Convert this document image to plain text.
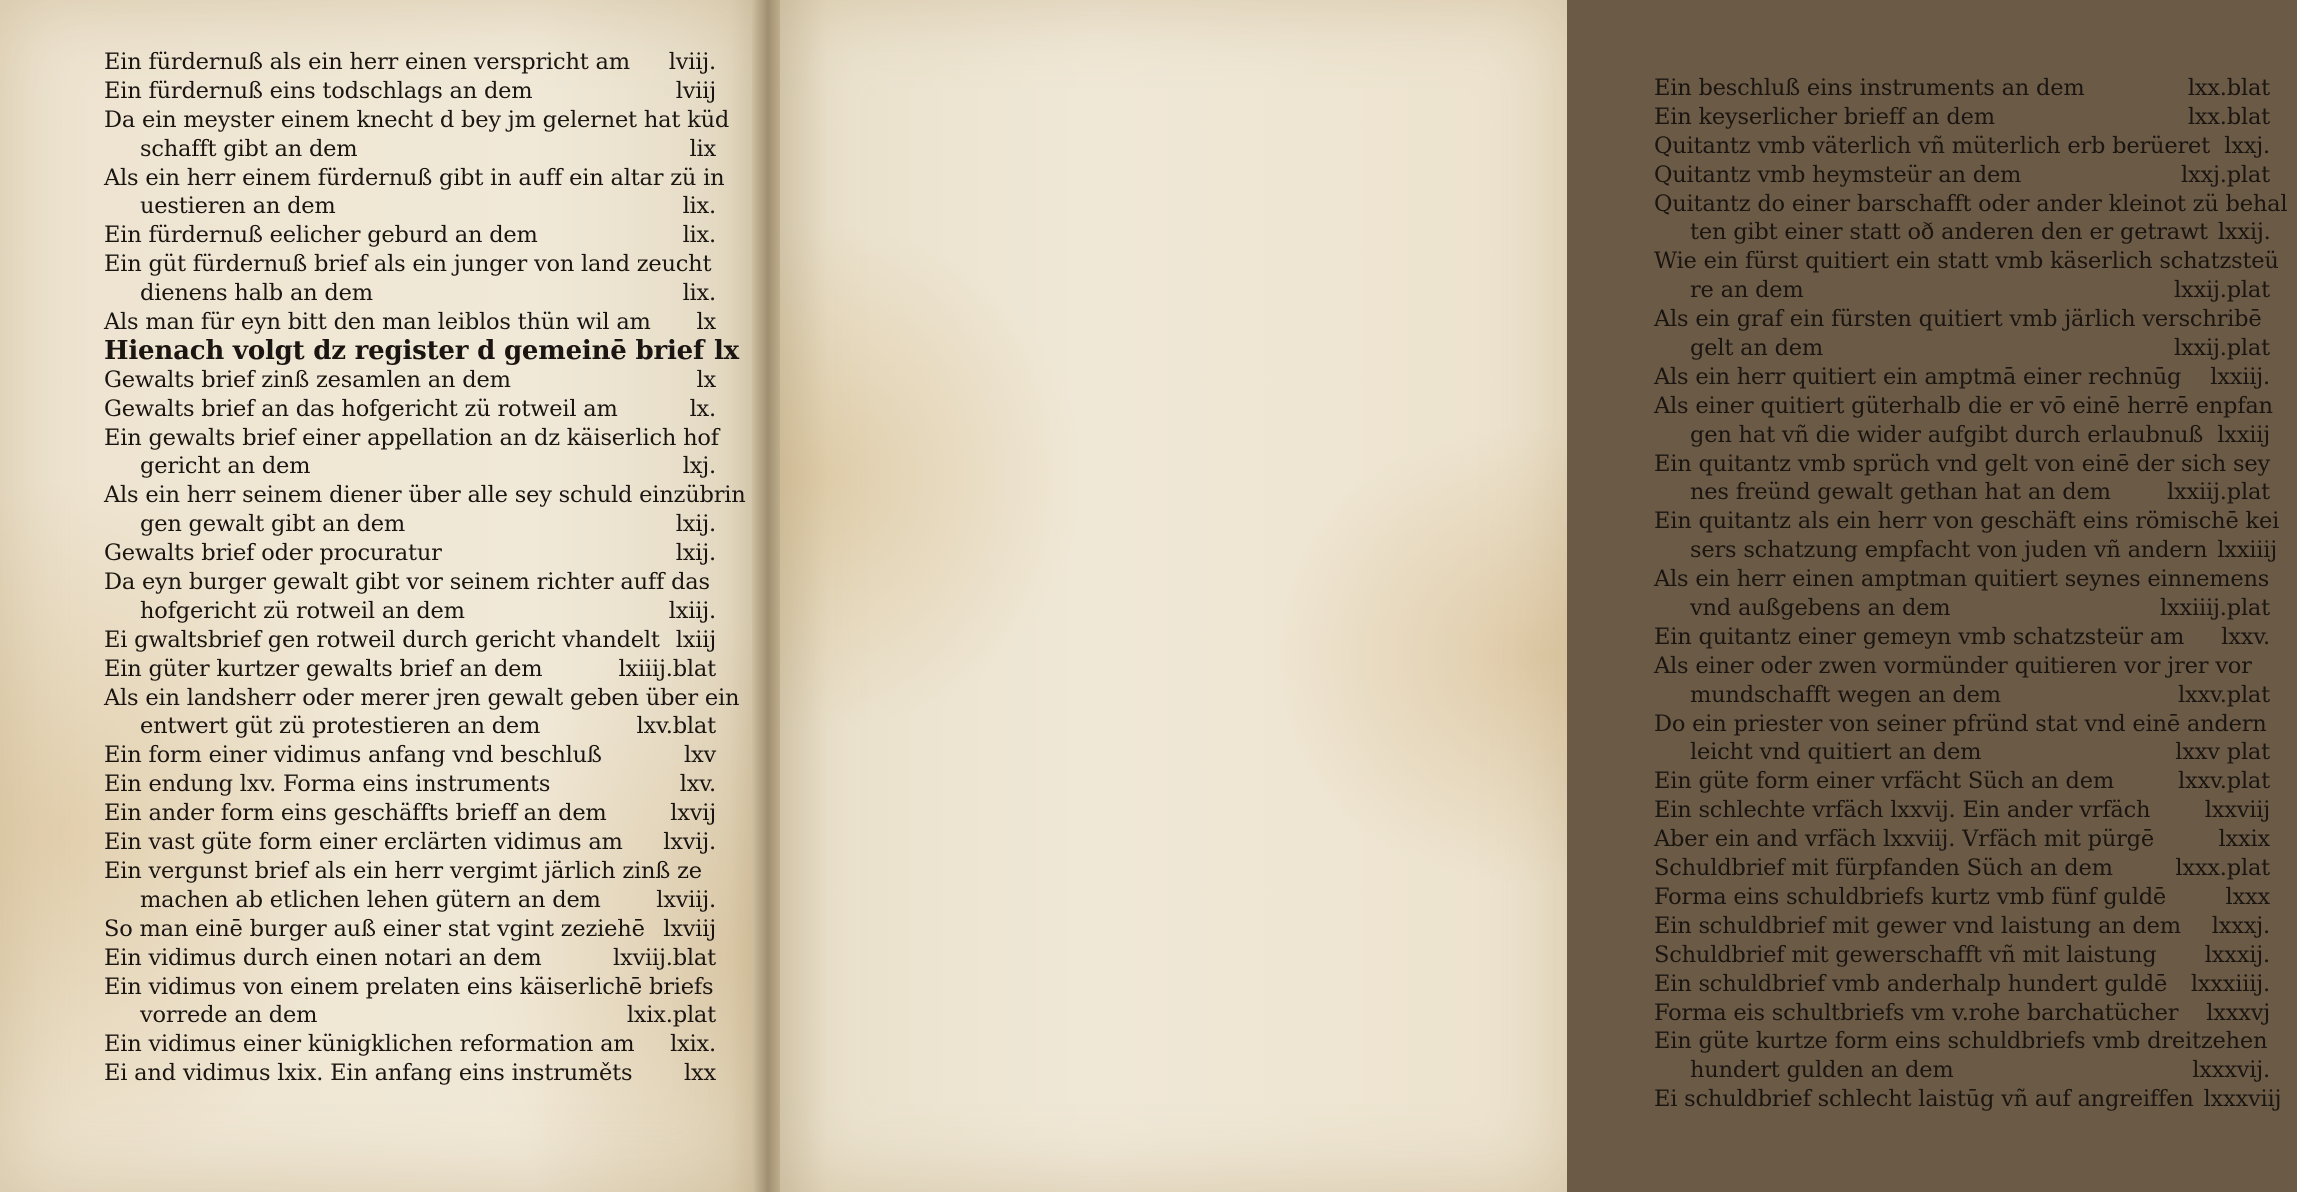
Ein fürdernuß als ein herr einen verspricht am	lviij.
Ein fürdernuß eins todschlags an dem	lviij
Da ein meyster einem knecht d bey jm gelernet hat küd
schafft gibt an dem	lix
Als ein herr einem fürdernuß gibt in auff ein altar zü in
uestieren an dem	lix.
Ein fürdernuß eelicher geburd an dem	lix.
Ein güt fürdernuß brief als ein junger von land zeucht
dienens halb an dem	lix.
Als man für eyn bitt den man leiblos thün wil am	lx
Hienach volgt dz register d gemeinē brief lx
Gewalts brief zinß zesamlen an dem	lx
Gewalts brief an das hofgericht zü rotweil am	lx.
Ein gewalts brief einer appellation an dz käiserlich hof
gericht an dem	lxj.
Als ein herr seinem diener über alle sey schuld einzübrin
gen gewalt gibt an dem	lxij.
Gewalts brief oder procuratur	lxij.
Da eyn burger gewalt gibt vor seinem richter auff das
hofgericht zü rotweil an dem	lxiij.
Ei gwaltsbrief gen rotweil durch gericht vhandelt lxiij
Ein güter kurtzer gewalts brief an dem	lxiiij.blat
Als ein landsherr oder merer jren gewalt geben über ein
entwert güt zü protestieren an dem	lxv.blat
Ein form einer vidimus anfang vnd beschluß	lxv
Ein endung lxv. Forma eins instruments	lxv.
Ein ander form eins geschäffts brieff an dem	lxvij
Ein vast güte form einer erclärten vidimus am	lxvij.
Ein vergunst brief als ein herr vergimt järlich zinß ze
machen ab etlichen lehen gütern an dem	lxviij.
So man einē burger auß einer stat vgint zeziehē lxviij
Ein vidimus durch einen notari an dem	lxviij.blat
Ein vidimus von einem prelaten eins käiserlichē briefs
vorrede an dem	lxix.plat
Ein vidimus einer künigklichen reformation am	lxix.
Ei and vidimus lxix. Ein anfang eins instruměts	lxx
Ein beschluß eins instruments an dem	lxx.blat
Ein keyserlicher brieff an dem	lxx.blat
Quitantz vmb väterlich vñ müterlich erb berüeret lxxj.
Quitantz vmb heymsteür an dem	lxxj.plat
Quitantz do einer barschafft oder ander kleinot zü behal
ten gibt einer statt oð anderen den er getrawt lxxij.
Wie ein fürst quitiert ein statt vmb käserlich schatzsteü
re an dem	lxxij.plat
Als ein graf ein fürsten quitiert vmb järlich verschribē
gelt an dem	lxxij.plat
Als ein herr quitiert ein amptmā einer rechnūg	lxxiij.
Als einer quitiert güterhalb die er vō einē herrē enpfan
gen hat vñ die wider aufgibt durch erlaubnuß lxxiij
Ein quitantz vmb sprüch vnd gelt von einē der sich sey
nes freünd gewalt gethan hat an dem	lxxiij.plat
Ein quitantz als ein herr von geschäft eins römischē kei
sers schatzung empfacht von juden vñ andern lxxiiij
Als ein herr einen amptman quitiert seynes einnemens
vnd außgebens an dem	lxxiiij.plat
Ein quitantz einer gemeyn vmb schatzsteür am	lxxv.
Als einer oder zwen vormünder quitieren vor jrer vor
mundschafft wegen an dem	lxxv.plat
Do ein priester von seiner pfründ stat vnd einē andern
leicht vnd quitiert an dem	lxxv plat
Ein güte form einer vrfächt Süch an dem	lxxv.plat
Ein schlechte vrfäch lxxvij. Ein ander vrfäch	lxxviij
Aber ein and vrfäch lxxviij. Vrfäch mit pürgē	lxxix
Schuldbrief mit fürpfanden Süch an dem	lxxx.plat
Forma eins schuldbriefs kurtz vmb fünf guldē	lxxx
Ein schuldbrief mit gewer vnd laistung an dem	lxxxj.
Schuldbrief mit gewerschafft vñ mit laistung	lxxxij.
Ein schuldbrief vmb anderhalp hundert guldē	lxxxiiij.
Forma eis schultbriefs vm v.rohe barchatücher	lxxxvj
Ein güte kurtze form eins schuldbriefs vmb dreitzehen
hundert gulden an dem	lxxxvij.
Ei schuldbrief schlecht laistūg vñ auf angreiffen lxxxviij
